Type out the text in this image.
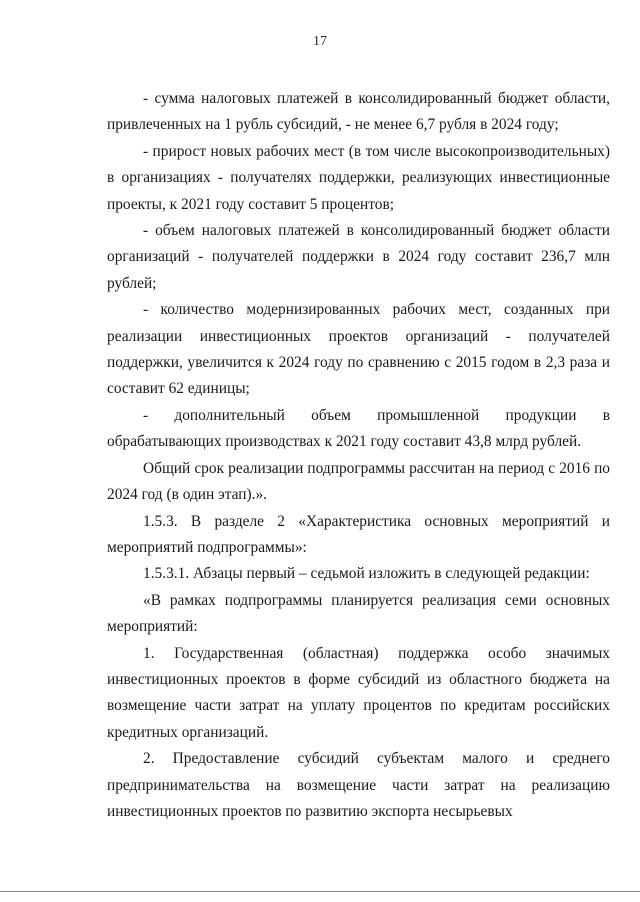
17

- сумма налоговых платежей в консолидированный бюджет области, привлеченных на 1 рубль субсидий, - не менее 6,7 рубля в 2024 году;

- прирост новых рабочих мест (в том числе высокопроизводительных) в организациях - получателях поддержки, реализующих инвестиционные проекты, к 2021 году составит 5 процентов;

- объем налоговых платежей в консолидированный бюджет области организаций - получателей поддержки в 2024 году составит 236,7 млн рублей;

- количество модернизированных рабочих мест, созданных при реализации инвестиционных проектов организаций - получателей поддержки, увеличится к 2024 году по сравнению с 2015 годом в 2,3 раза и составит 62 единицы;

- дополнительный объем промышленной продукции в обрабатывающих производствах к 2021 году составит 43,8 млрд рублей.

Общий срок реализации подпрограммы рассчитан на период с 2016 по 2024 год (в один этап).».

1.5.3. В разделе 2 «Характеристика основных мероприятий и мероприятий подпрограммы»:

1.5.3.1. Абзацы первый – седьмой изложить в следующей редакции:

«В рамках подпрограммы планируется реализация семи основных мероприятий:

1. Государственная (областная) поддержка особо значимых инвестиционных проектов в форме субсидий из областного бюджета на возмещение части затрат на уплату процентов по кредитам российских кредитных организаций.

2. Предоставление субсидий субъектам малого и среднего предпринимательства на возмещение части затрат на реализацию инвестиционных проектов по развитию экспорта несырьевых
